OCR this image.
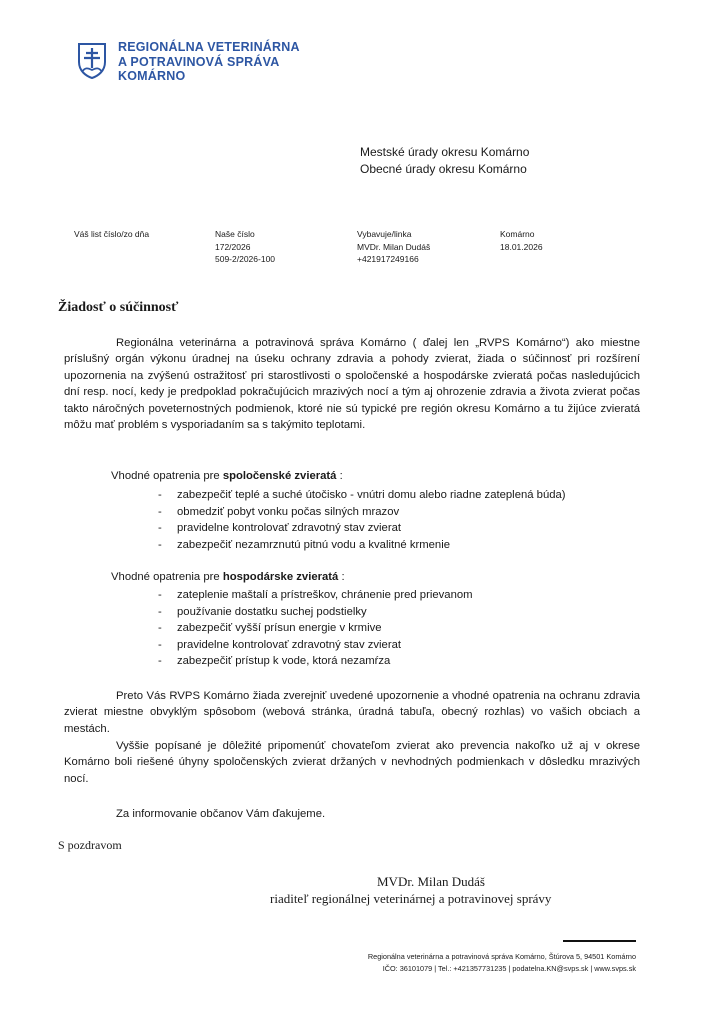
REGIONÁLNA VETERINÁRNA
A POTRAVINOVÁ SPRÁVA
KOMÁRNO
Mestské úrady okresu Komárno
Obecné úrady okresu Komárno
Váš list číslo/zo dňa	Naše číslo
172/2026
509-2/2026-100
Vybavuje/linka
MVDr. Milan Dudáš
+421917249166
Komárno
18.01.2026
Žiadosť o súčinnosť
Regionálna veterinárna a potravinová správa Komárno ( ďalej len „RVPS Komárno“) ako miestne príslušný orgán výkonu úradnej na úseku ochrany zdravia a pohody zvierat, žiada o súčinnosť pri rozšírení upozornenia na zvýšenú ostražitosť pri starostlivosti o spoločenské a hospodárske zvieratá počas nasledujúcich dní resp. nocí, kedy je predpoklad pokračujúcich mrazivých nocí a tým aj ohrozenie zdravia a života zvierat počas takto náročných poveternostných podmienok, ktoré nie sú typické pre región okresu Komárno a tu žijúce zvieratá môžu mať problém s vysporiadaním sa s takýmito teplotami.
Vhodné opatrenia pre spoločenské zvieratá :
- zabezpečiť teplé a suché útočisko - vnútri domu alebo riadne zateplená búda)
- obmedziť pobyt vonku počas silných mrazov
- pravidelne kontrolovať zdravotný stav zvierat
- zabezpečiť nezamrznutú pitnú vodu a kvalitné krmenie
Vhodné opatrenia pre hospodárske zvieratá :
- zateplenie maštalí a prístreškov, chránenie pred prievanom
- používanie dostatku suchej podstielky
- zabezpečiť vyšší prísun energie v krmive
- pravidelne kontrolovať zdravotný stav zvierat
- zabezpečiť prístup k vode, ktorá nezamŕza
Preto Vás RVPS Komárno žiada zverejniť uvedené upozornenie a vhodné opatrenia na ochranu zdravia zvierat miestne obvyklým spôsobom (webová stránka, úradná tabuľa, obecný rozhlas) vo vašich obciach a mestách.
Vyššie popísané je dôležité pripomenúť chovateľom zvierat ako prevencia nakoľko už aj v okrese Komárno boli riešené úhyny spoločenských zvierat držaných v nevhodných podmienkach v dôsledku mrazivých nocí.
Za informovanie občanov Vám ďakujeme.
S pozdravom
MVDr. Milan Dudáš
riaditeľ regionálnej veterinárnej a potravinovej správy
Regionálna veterinárna a potravinová správa Komárno, Štúrova 5, 94501 Komárno
IČO: 36101079 | Tel.: +421357731235 | podatelna.KN@svps.sk | www.svps.sk
